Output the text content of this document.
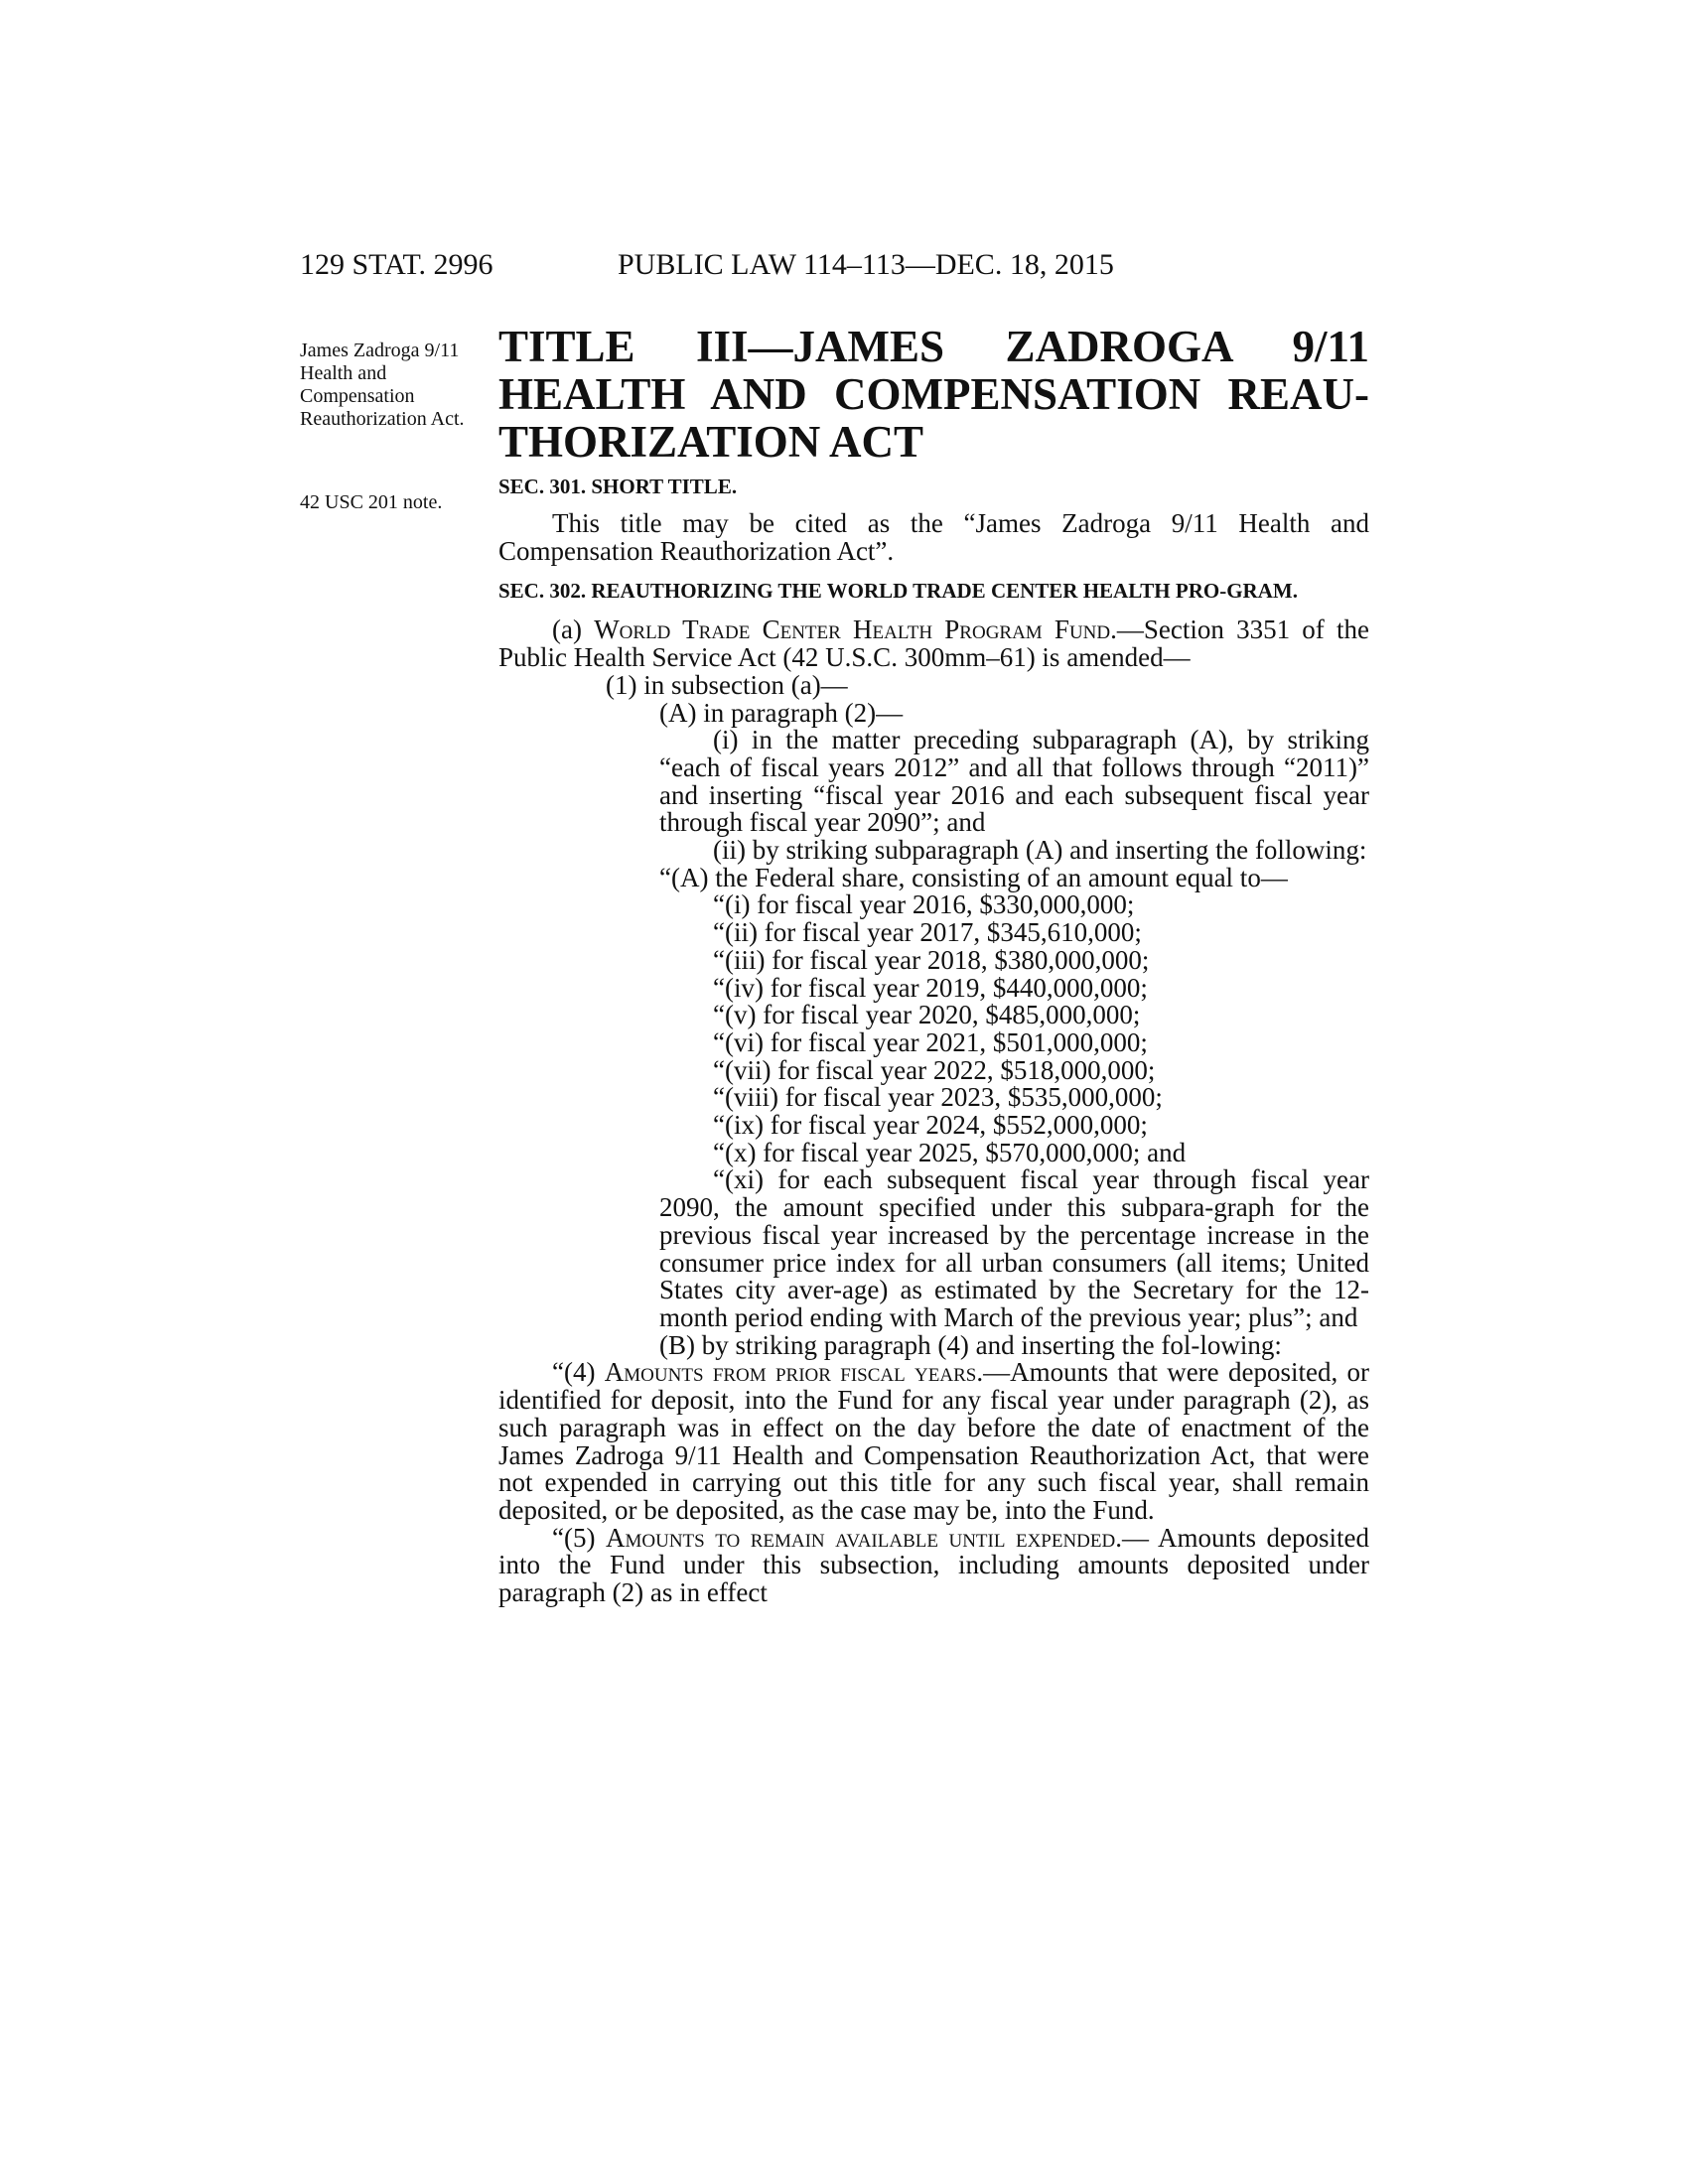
129 STAT. 2996	PUBLIC LAW 114–113—DEC. 18, 2015
James Zadroga 9/11 Health and Compensation Reauthorization Act.
42 USC 201 note.
TITLE III—JAMES ZADROGA 9/11
HEALTH AND COMPENSATION REAU-
THORIZATION ACT

SEC. 301. SHORT TITLE.

This title may be cited as the “James Zadroga 9/11 Health and Compensation Reauthorization Act”.

SEC. 302. REAUTHORIZING THE WORLD TRADE CENTER HEALTH PRO-GRAM.

(a) World Trade Center Health Program Fund.—Section 3351 of the Public Health Service Act (42 U.S.C. 300mm–61) is amended—

(1) in subsection (a)—

(A) in paragraph (2)—

(i) in the matter preceding subparagraph (A), by striking “each of fiscal years 2012” and all that follows through “2011)” and inserting “fiscal year 2016 and each subsequent fiscal year through fiscal year 2090”; and

(ii) by striking subparagraph (A) and inserting the following:

“(A) the Federal share, consisting of an amount equal to—

“(i) for fiscal year 2016, $330,000,000;

“(ii) for fiscal year 2017, $345,610,000;

“(iii) for fiscal year 2018, $380,000,000;

“(iv) for fiscal year 2019, $440,000,000;

“(v) for fiscal year 2020, $485,000,000;

“(vi) for fiscal year 2021, $501,000,000;

“(vii) for fiscal year 2022, $518,000,000;

“(viii) for fiscal year 2023, $535,000,000;

“(ix) for fiscal year 2024, $552,000,000;

“(x) for fiscal year 2025, $570,000,000; and

“(xi) for each subsequent fiscal year through fiscal year 2090, the amount specified under this subpara-graph for the previous fiscal year increased by the percentage increase in the consumer price index for all urban consumers (all items; United States city aver-age) as estimated by the Secretary for the 12-month period ending with March of the previous year; plus”; and

(B) by striking paragraph (4) and inserting the fol-lowing:

“(4) Amounts from prior fiscal years.—Amounts that were deposited, or identified for deposit, into the Fund for any fiscal year under paragraph (2), as such paragraph was in effect on the day before the date of enactment of the James Zadroga 9/11 Health and Compensation Reauthorization Act, that were not expended in carrying out this title for any such fiscal year, shall remain deposited, or be deposited, as the case may be, into the Fund.

“(5) Amounts to remain available until expended.— Amounts deposited into the Fund under this subsection, including amounts deposited under paragraph (2) as in effect
